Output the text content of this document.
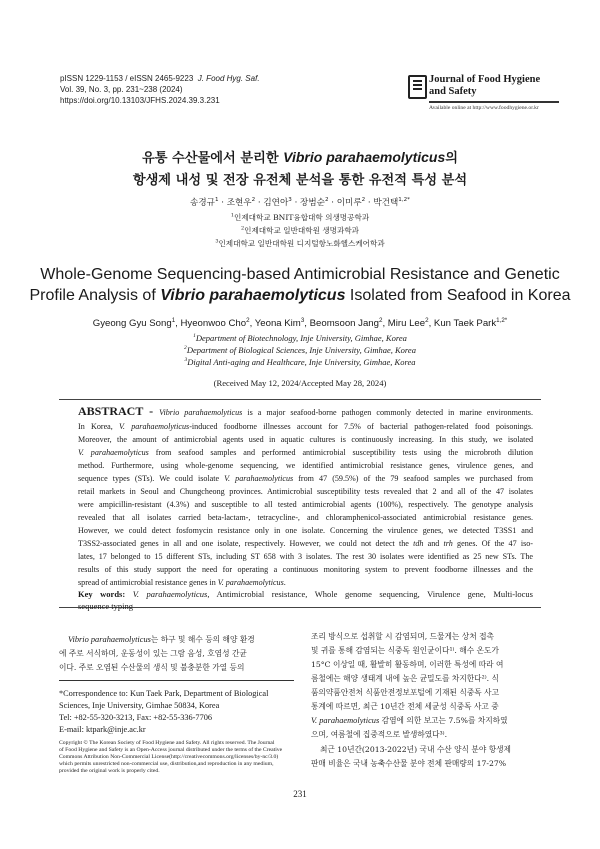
pISSN 1229-1153 / eISSN 2465-9223 J. Food Hyg. Saf.
Vol. 39, No. 3, pp. 231~238 (2024)
https://doi.org/10.13103/JFHS.2024.39.3.231
Journal of Food Hygiene
and Safety
Available online at http://www.foodhygiene.or.kr
유통 수산물에서 분리한 Vibrio parahaemolyticus의
항생제 내성 및 전장 유전체 분석을 통한 유전적 특성 분석
송경규$^1$ · 조현우$^2$ · 김연아$^3$ · 장범순$^2$ · 이미루$^2$ · 박건택$^{1,2*}$
$^1$인제대학교 BNIT융합대학 의생명공학과
$^2$인제대학교 일반대학원 생명과학과
$^3$인제대학교 일반대학원 디지털항노화헬스케어학과
Whole-Genome Sequencing-based Antimicrobial Resistance and Genetic
Profile Analysis of Vibrio parahaemolyticus Isolated from Seafood in Korea
Gyeong Gyu Song$^1$, Hyeonwoo Cho$^2$, Yeona Kim$^3$, Beomsoon Jang$^2$, Miru Lee$^2$, Kun Taek Park$^{1,2*}$
$^1$Department of Biotechnology, Inje University, Gimhae, Korea
$^2$Department of Biological Sciences, Inje University, Gimhae, Korea
$^3$Digital Anti-aging and Healthcare, Inje University, Gimhae, Korea
(Received May 12, 2024/Accepted May 28, 2024)
ABSTRACT - Vibrio parahaemolyticus is a major seafood-borne pathogen commonly detected in marine environments.
In Korea, V. parahaemolyticus-induced foodborne illnesses account for 7.5% of bacterial pathogen-related food poisonings.
Moreover, the amount of antimicrobial agents used in aquatic cultures is continuously increasing. In this study, we isolated
V. parahaemolyticus from seafood samples and performed antimicrobial susceptibility tests using the microbroth dilution
method. Furthermore, using whole-genome sequencing, we identified antimicrobial resistance genes, virulence genes, and
sequence types (STs). We could isolate V. parahaemolyticus from 47 (59.5%) of the 79 seafood samples we purchased from
retail markets in Seoul and Chungcheong provinces. Antimicrobial susceptibility tests revealed that 2 and all of the 47 isolates
were ampicillin-resistant (4.3%) and susceptible to all tested antimicrobial agents (100%), respectively. The genotype analysis
revealed that all isolates carried beta-lactam-, tetracycline-, and chloramphenicol-associated antimicrobial resistance genes.
However, we could detect fosfomycin resistance only in one isolate. Concerning the virulence genes, we detected T3SS1 and
T3SS2-associated genes in all and one isolate, respectively. However, we could not detect the tdh and trh genes. Of the 47 iso-
lates, 17 belonged to 15 different STs, including ST 658 with 3 isolates. The rest 30 isolates were identified as 25 new STs. The
results of this study support the need for operating a continuous monitoring system to prevent foodborne illnesses and the
spread of antimicrobial resistance genes in V. parahaemolyticus.
Key words: V. parahaemolyticus, Antimicrobial resistance, Whole genome sequencing, Virulence gene, Multi-locus
sequence typing
Vibrio parahaemolyticus는 하구 및 해수 등의 해양 환경
에 주로 서식하며, 운동성이 있는 그람 음성, 호염성 간균
이다. 주로 오염된 수산물의 생식 및 불충분한 가열 등의
*Correspondence to: Kun Taek Park, Department of Biological
Sciences, Inje University, Gimhae 50834, Korea
Tel: +82-55-320-3213, Fax: +82-55-336-7706
E-mail: ktpark@inje.ac.kr
Copyright © The Korean Society of Food Hygiene and Safety. All rights reserved. The Journal
of Food Hygiene and Safety is an Open-Access journal distributed under the terms of the Creative
Commons Attribution Non-Commercial License(http://creativecommons.org/licenses/by-nc/3.0)
which permits unrestricted non-commercial use, distribution,and reproduction in any medium,
provided the original work is properly cited.
조리 방식으로 섭취할 시 감염되며, 드물게는 상처 접촉
및 귀를 통해 감염되는 식중독 원인균이다¹⁾. 해수 온도가
15°C 이상일 때, 활발히 활동하며, 이러한 특성에 따라 여
름철에는 해양 생태계 내에 높은 균밀도를 차지한다²⁾. 식
품의약품안전처 식품안전정보포털에 기재된 식중독 사고
통계에 따르면, 최근 10년간 전체 세균성 식중독 사고 중
V. parahaemolyticus 감염에 의한 보고는 7.5%를 차지하였
으며, 여름철에 집중적으로 발생하였다³⁾.
최근 10년간(2013-2022년) 국내 수산 양식 분야 항생제
판매 비율은 국내 농축수산물 분야 전체 판매량의 17-27%
231
